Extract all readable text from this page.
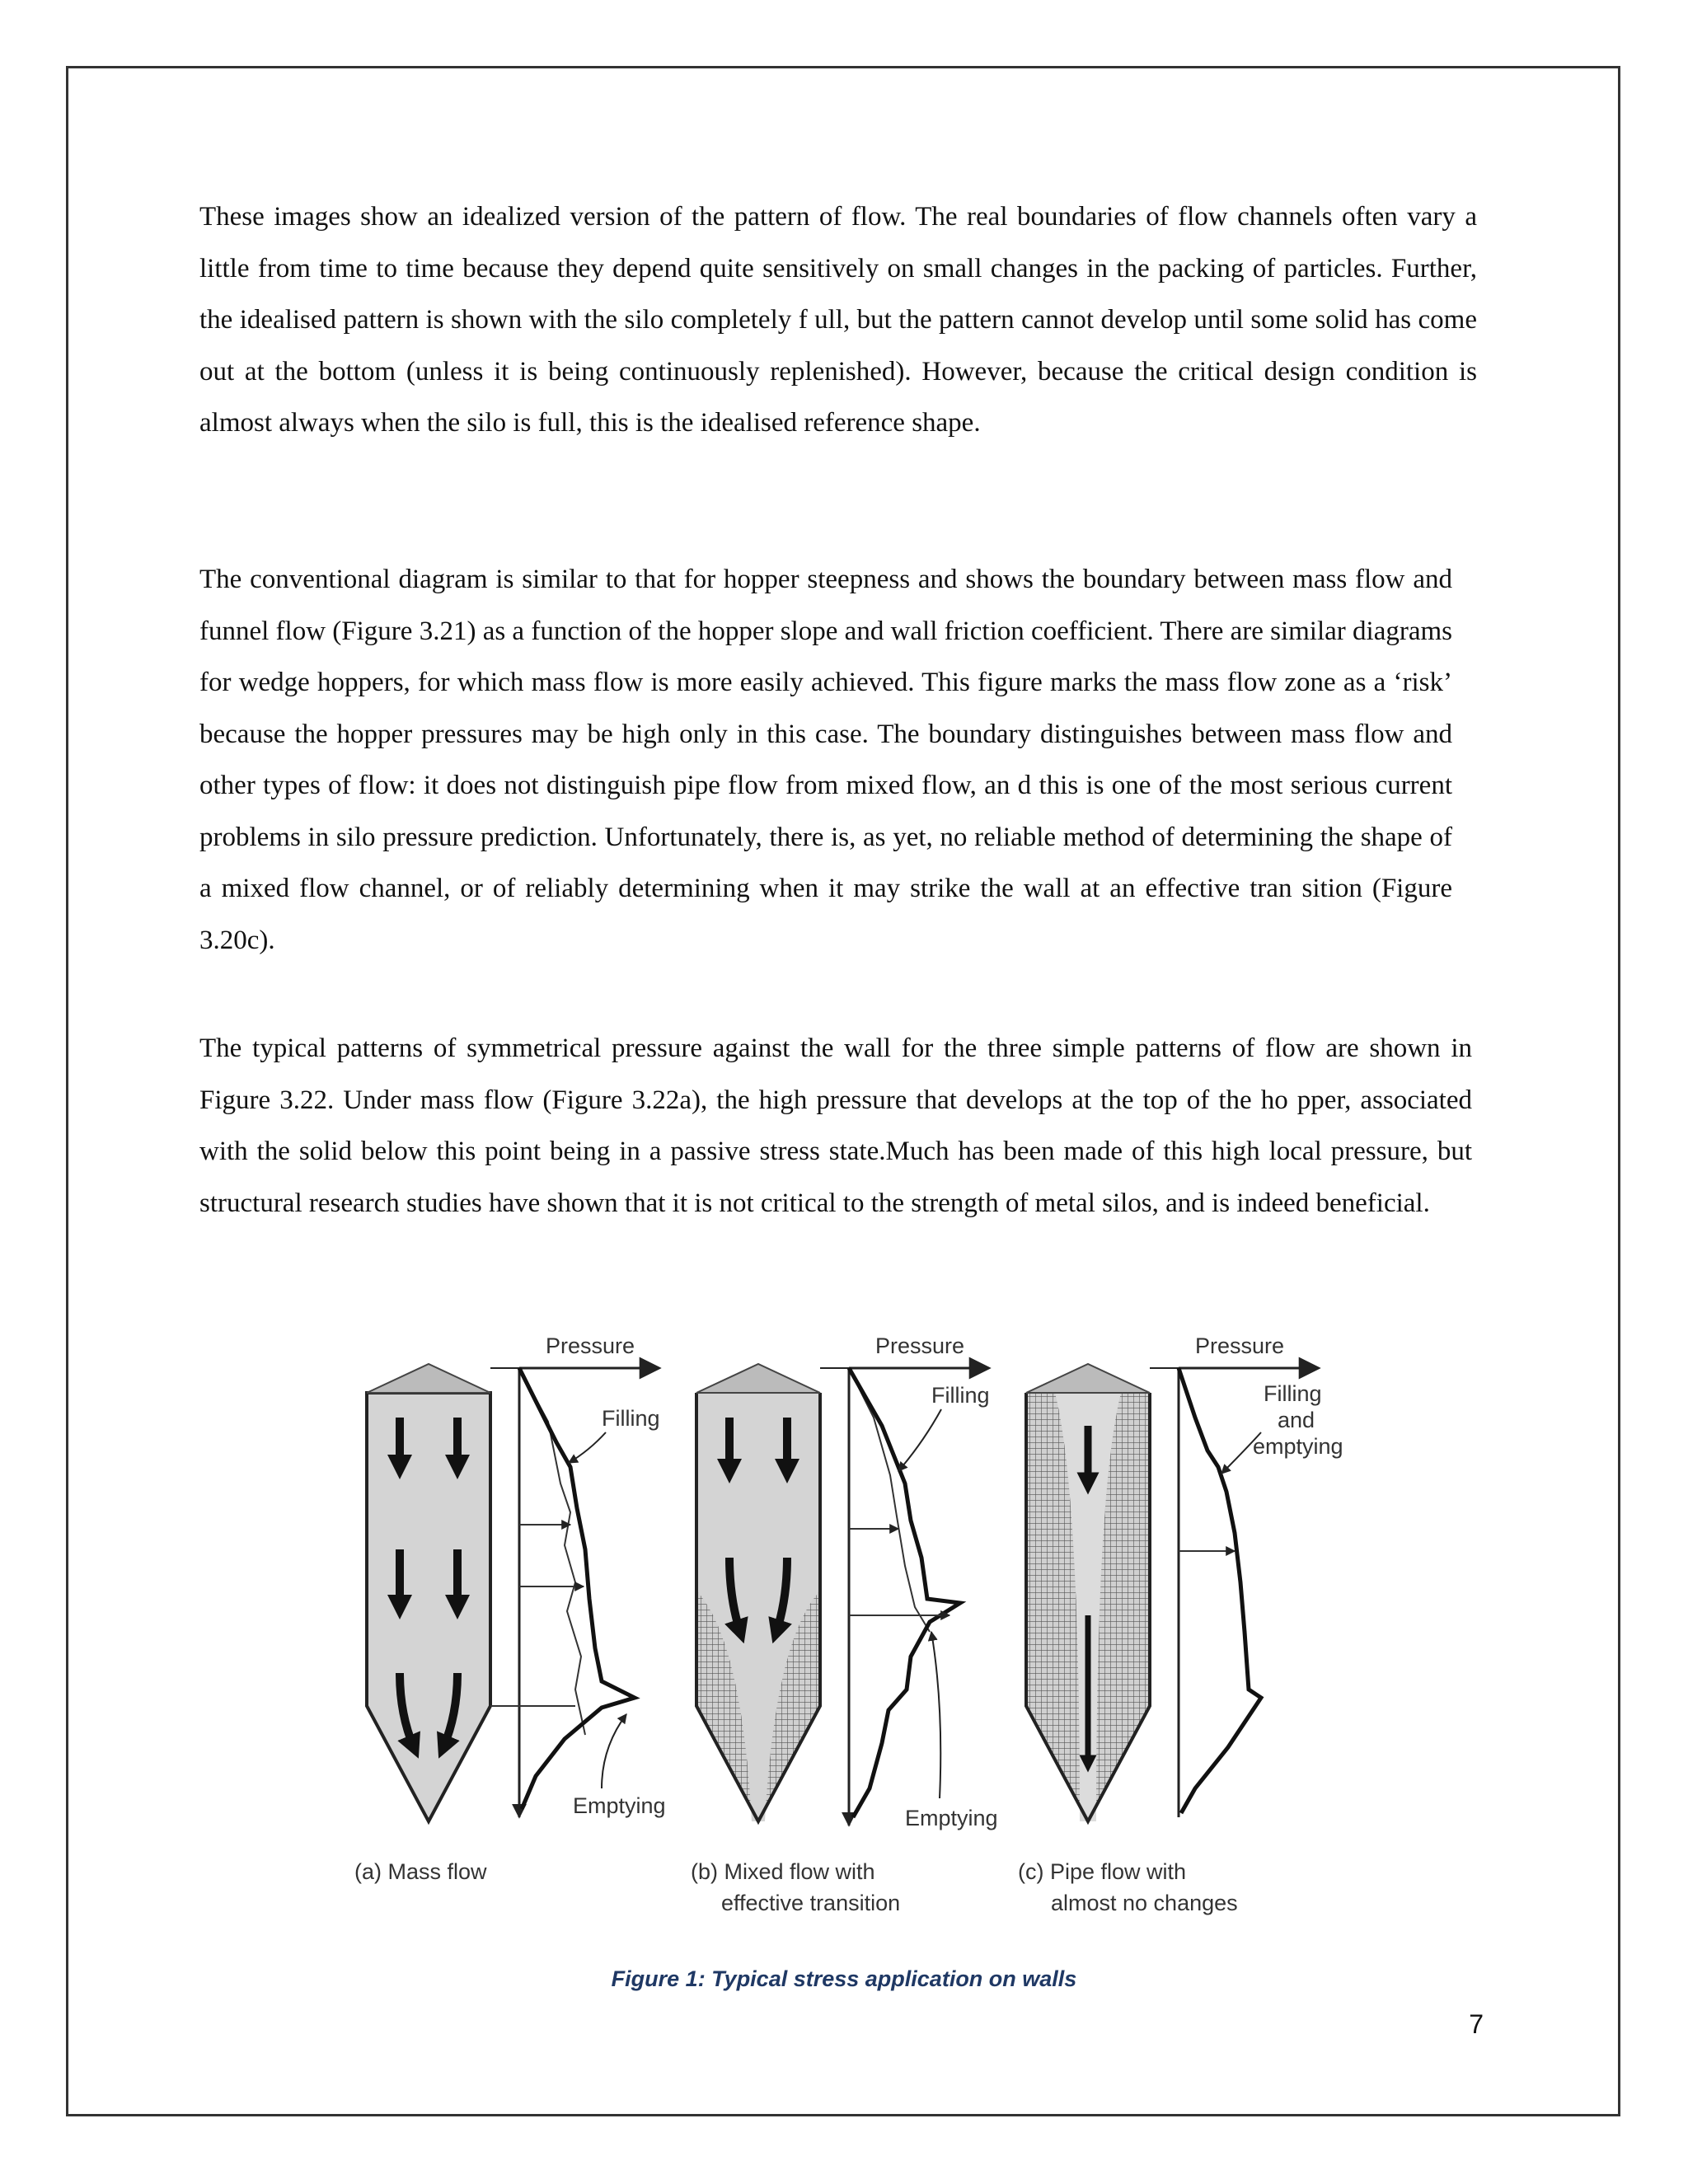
These images show an idealized version of the pattern of flow. The real boundaries of flow channels often vary a little from time to time because they depend quite sensitively on small changes in the packing of particles. Further, the idealised pattern is shown with the silo completely f ull, but the pattern cannot develop until some solid has come out at the bottom (unless it is being continuously replenished). However, because the critical design condition is almost always when the silo is full, this is the idealised reference shape.

The conventional diagram is similar to that for hopper steepness and shows the boundary between mass flow and funnel flow (Figure 3.21) as a function of the hopper slope and wall friction coefficient. There are similar diagrams for wedge hoppers, for which mass flow is more easily achieved. This figure marks the mass flow zone as a ‘risk’ because the hopper pressures may be high only in this case. The boundary distinguishes between mass flow and other types of flow: it does not distinguish pipe flow from mixed flow, an d this is one of the most serious current problems in silo pressure prediction. Unfortunately, there is, as yet, no reliable method of determining the shape of a mixed flow channel, or of reliably determining when it may strike the wall at an effective tran sition (Figure 3.20c).

The typical patterns of symmetrical pressure against the wall for the three simple patterns of flow are shown in Figure 3.22. Under mass flow (Figure 3.22a), the high pressure that develops at the top of the ho pper, associated with the solid below this point being in a passive stress state.Much has been made of this high local pressure, but structural research studies have shown that it is not critical to the strength of metal silos, and is indeed beneficial.

Pressure
Filling
Emptying
(a) Mass flow
Pressure
Filling
Emptying
(b) Mixed flow with
effective transition
Pressure
Filling
and
emptying
(c) Pipe flow with
almost no changes
Figure 1: Typical stress application on walls
7
